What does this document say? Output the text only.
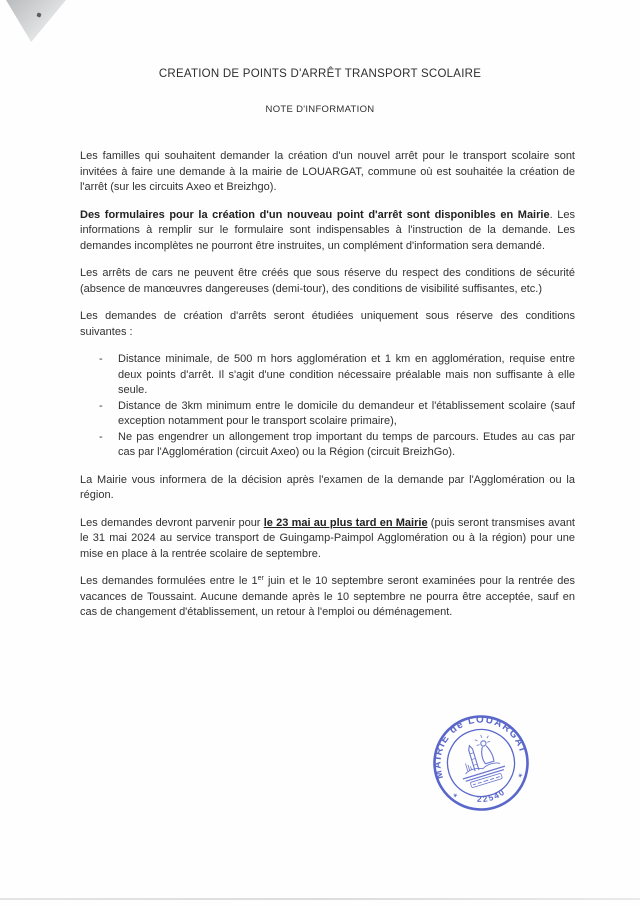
CREATION DE POINTS D'ARRÊT TRANSPORT SCOLAIRE
NOTE D'INFORMATION

Les familles qui souhaitent demander la création d'un nouvel arrêt pour le transport scolaire sont invitées à faire une demande à la mairie de LOUARGAT, commune où est souhaitée la création de l'arrêt (sur les circuits Axeo et Breizhgo).

Des formulaires pour la création d'un nouveau point d'arrêt sont disponibles en Mairie. Les informations à remplir sur le formulaire sont indispensables à l'instruction de la demande. Les demandes incomplètes ne pourront être instruites, un complément d'information sera demandé.

Les arrêts de cars ne peuvent être créés que sous réserve du respect des conditions de sécurité (absence de manœuvres dangereuses (demi-tour), des conditions de visibilité suffisantes, etc.)

Les demandes de création d'arrêts seront étudiées uniquement sous réserve des conditions suivantes :

- Distance minimale, de 500 m hors agglomération et 1 km en agglomération, requise entre deux points d'arrêt. Il s'agit d'une condition nécessaire préalable mais non suffisante à elle seule.
- Distance de 3km minimum entre le domicile du demandeur et l'établissement scolaire (sauf exception notamment pour le transport scolaire primaire),
- Ne pas engendrer un allongement trop important du temps de parcours. Etudes au cas par cas par l'Agglomération (circuit Axeo) ou la Région (circuit BreizhGo).

La Mairie vous informera de la décision après l'examen de la demande par l'Agglomération ou la région.

Les demandes devront parvenir pour le 23 mai au plus tard en Mairie (puis seront transmises avant le 31 mai 2024 au service transport de Guingamp-Paimpol Agglomération ou à la région) pour une mise en place à la rentrée scolaire de septembre.

Les demandes formulées entre le 1er juin et le 10 septembre seront examinées pour la rentrée des vacances de Toussaint. Aucune demande après le 10 septembre ne pourra être acceptée, sauf en cas de changement d'établissement, un retour à l'emploi ou déménagement.

MAIRIE de LOUARGAT
22540
✶
✶
